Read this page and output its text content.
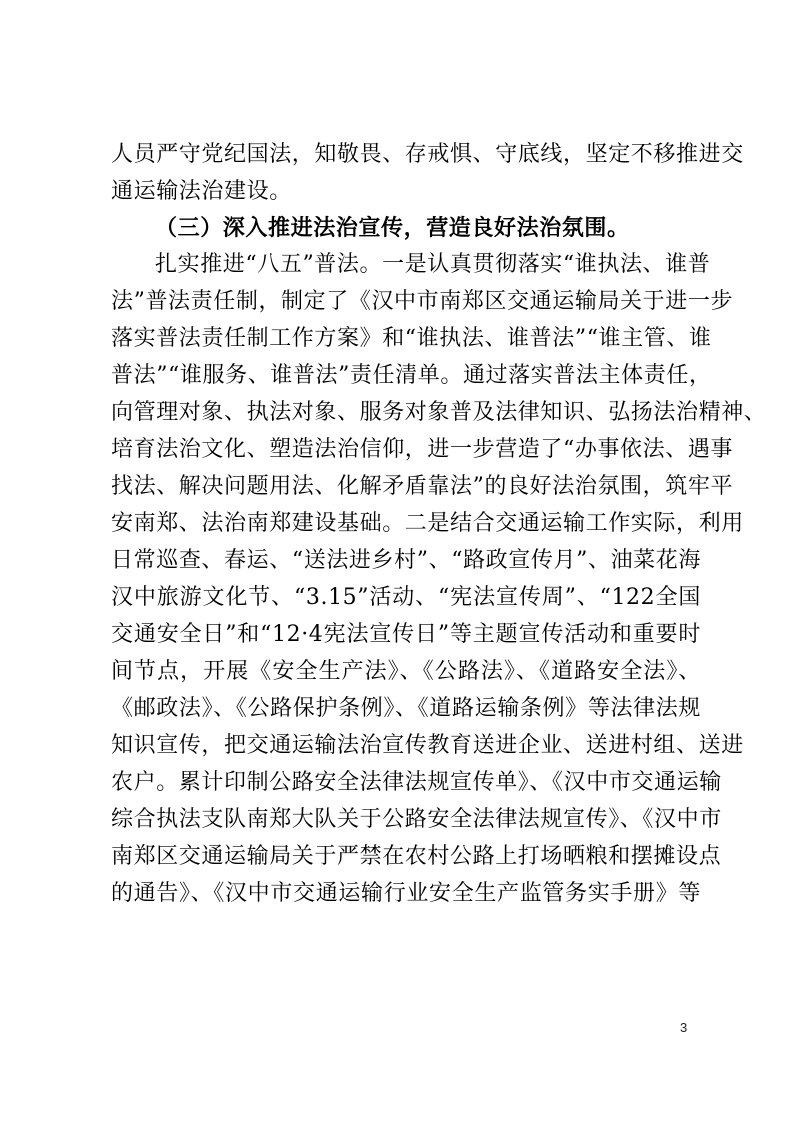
人员严守党纪国法，知敬畏、存戒惧、守底线，坚定不移推进交
通运输法治建设。
（三）深入推进法治宣传，营造良好法治氛围。
扎实推进“八五”普法。一是认真贯彻落实“谁执法、谁普
法”普法责任制，制定了《汉中市南郑区交通运输局关于进一步
落实普法责任制工作方案》和“谁执法、谁普法”“谁主管、谁
普法”“谁服务、谁普法”责任清单。通过落实普法主体责任，
向管理对象、执法对象、服务对象普及法律知识、弘扬法治精神、
培育法治文化、塑造法治信仰，进一步营造了“办事依法、遇事
找法、解决问题用法、化解矛盾靠法”的良好法治氛围，筑牢平
安南郑、法治南郑建设基础。二是结合交通运输工作实际，利用
日常巡查、春运、“送法进乡村”、“路政宣传月”、油菜花海
汉中旅游文化节、“3.15”活动、“宪法宣传周”、“122全国
交通安全日”和“12·4宪法宣传日”等主题宣传活动和重要时
间节点，开展《安全生产法》、《公路法》、《道路安全法》、
《邮政法》、《公路保护条例》、《道路运输条例》等法律法规
知识宣传，把交通运输法治宣传教育送进企业、送进村组、送进
农户。累计印制公路安全法律法规宣传单》、《汉中市交通运输
综合执法支队南郑大队关于公路安全法律法规宣传》、《汉中市
南郑区交通运输局关于严禁在农村公路上打场晒粮和摆摊设点
的通告》、《汉中市交通运输行业安全生产监管务实手册》等
3
